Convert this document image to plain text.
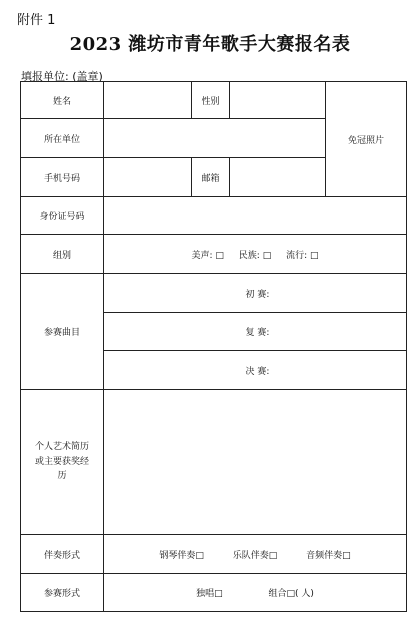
附件 1
2023 潍坊市青年歌手大赛报名表
填报单位: (盖章)
姓名		性别		免冠照片
所在单位				
手机号码		邮箱		
身份证号码				
组别	美声: □ 民族: □ 流行: □			
参赛曲目	初 赛:			
	复 赛:			
	决 赛:			

个人艺术简历
或主要获奖经
历				

伴奏形式	钢琴伴奏□ 乐队伴奏□ 音频伴奏□			
参赛形式	独唱□ 组合□( 人)			
